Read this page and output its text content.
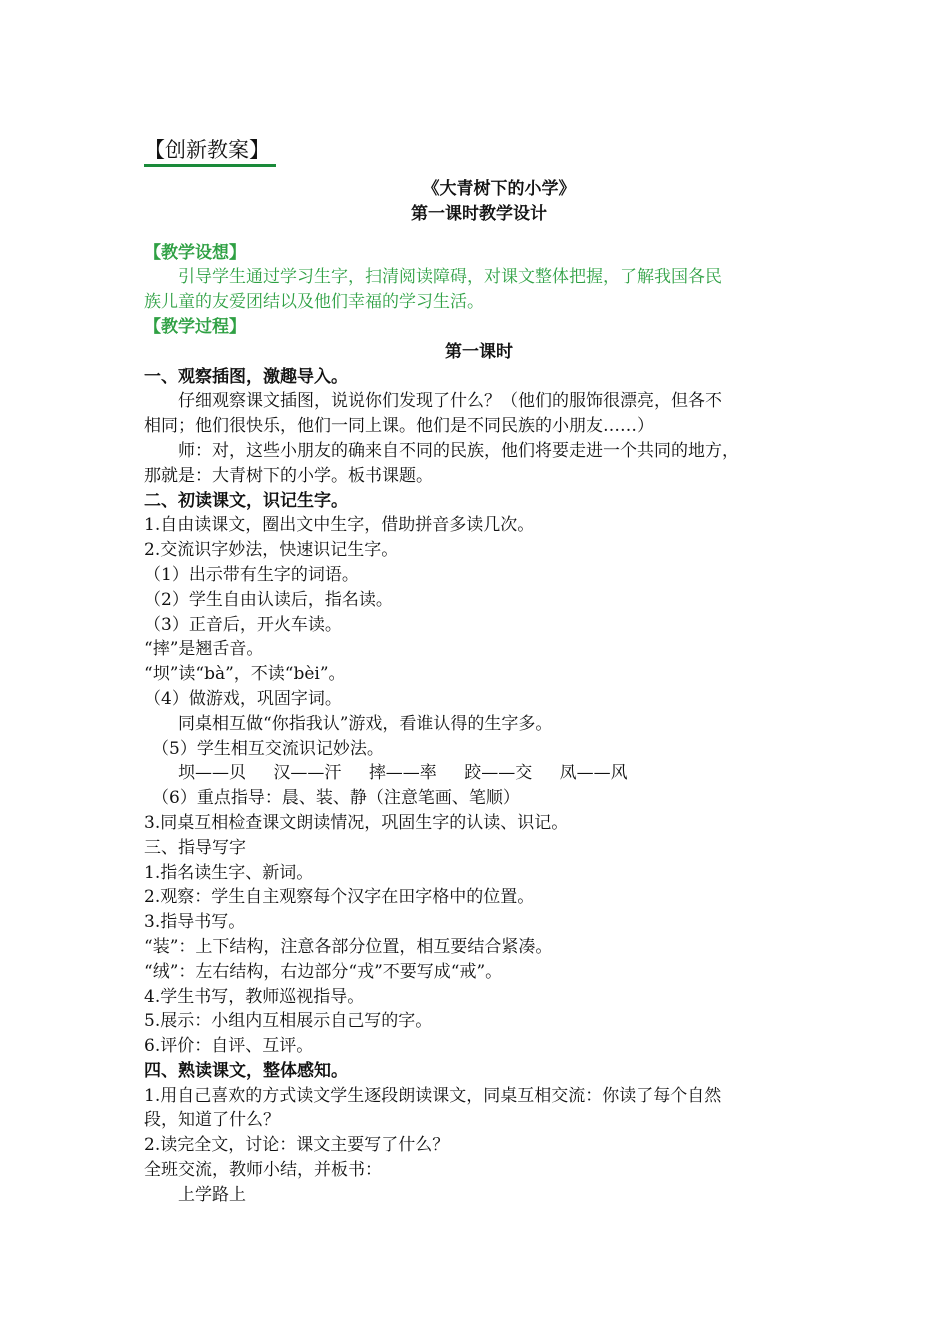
【创新教案】

《大青树下的小学》

第一课时教学设计

【教学设想】

引导学生通过学习生字，扫清阅读障碍，对课文整体把握，了解我国各民

族儿童的友爱团结以及他们幸福的学习生活。

【教学过程】

第一课时

一、观察插图，激趣导入。

仔细观察课文插图，说说你们发现了什么？（他们的服饰很漂亮，但各不

相同；他们很快乐，他们一同上课。他们是不同民族的小朋友……）

师：对，这些小朋友的确来自不同的民族，他们将要走进一个共同的地方，

那就是：大青树下的小学。板书课题。

二、初读课文，识记生字。

1.自由读课文，圈出文中生字，借助拼音多读几次。

2.交流识字妙法，快速识记生字。

（1）出示带有生字的词语。

（2）学生自由认读后，指名读。

（3）正音后，开火车读。

“摔”是翘舌音。

“坝”读“bà”，不读“bèi”。

（4）做游戏，巩固字词。

同桌相互做“你指我认”游戏，看谁认得的生字多。

（5）学生相互交流识记妙法。

坝——贝 汉——汗 摔——率 跤——交 凤——风

（6）重点指导：晨、装、静（注意笔画、笔顺）

3.同桌互相检查课文朗读情况，巩固生字的认读、识记。

三、指导写字

1.指名读生字、新词。

2.观察：学生自主观察每个汉字在田字格中的位置。

3.指导书写。

“装”：上下结构，注意各部分位置，相互要结合紧凑。

“绒”：左右结构，右边部分“戎”不要写成“戒”。

4.学生书写，教师巡视指导。

5.展示：小组内互相展示自己写的字。

6.评价：自评、互评。

四、熟读课文，整体感知。

1.用自己喜欢的方式读文学生逐段朗读课文，同桌互相交流：你读了每个自然

段，知道了什么？

2.读完全文，讨论：课文主要写了什么？

全班交流，教师小结，并板书：

上学路上
